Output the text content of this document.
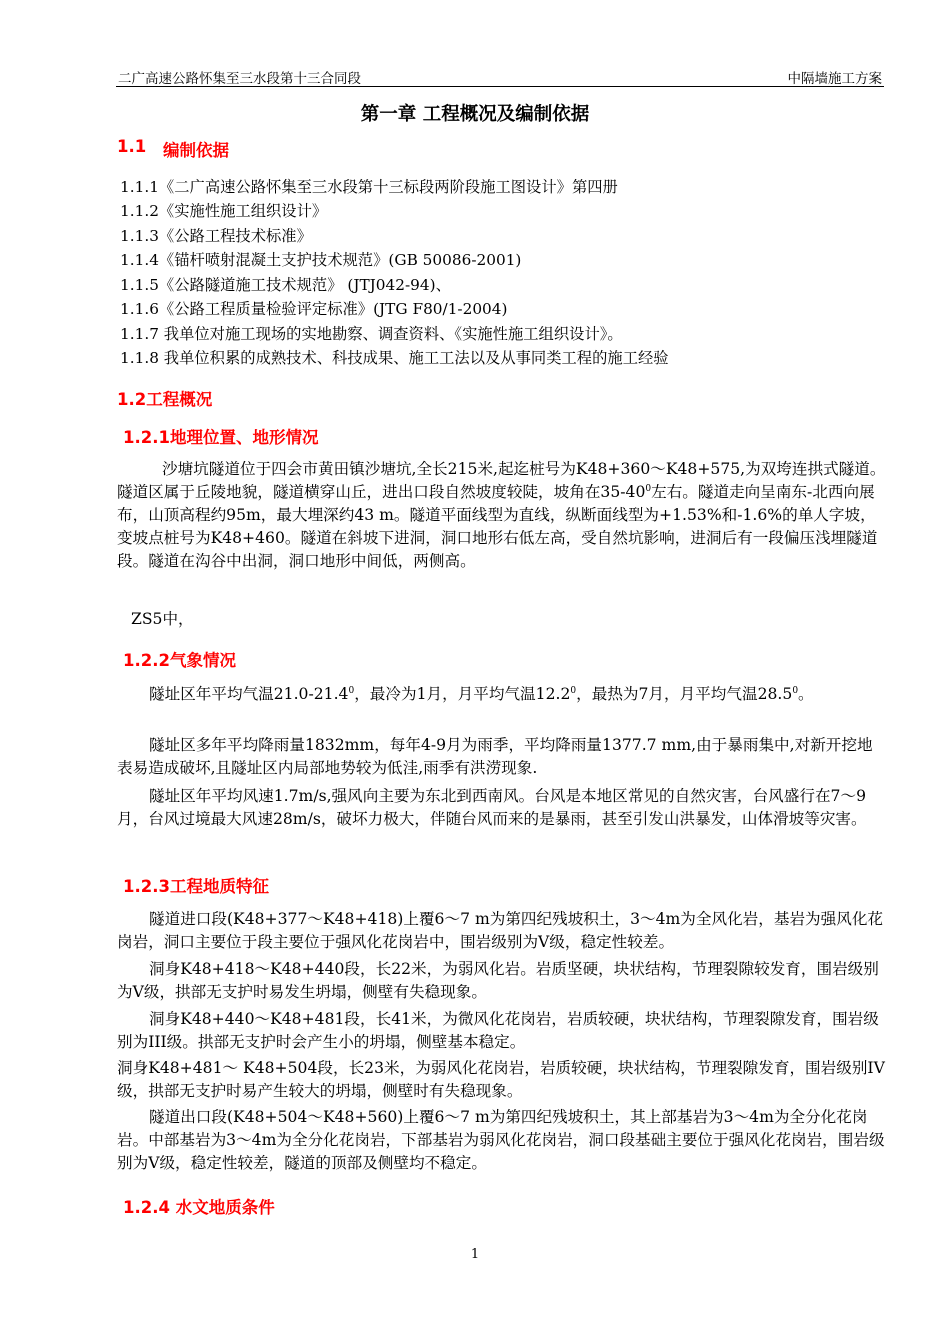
二广高速公路怀集至三水段第十三合同段	中隔墙施工方案
第一章 工程概况及编制依据
1.1 编制依据
1.1.1《二广高速公路怀集至三水段第十三标段两阶段施工图设计》第四册
1.1.2《实施性施工组织设计》
1.1.3《公路工程技术标准》
1.1.4《锚杆喷射混凝土支护技术规范》(GB 50086-2001)
1.1.5《公路隧道施工技术规范》 (JTJ042-94)、
1.1.6《公路工程质量检验评定标准》(JTG F80/1-2004)
1.1.7 我单位对施工现场的实地勘察、调查资料、《实施性施工组织设计》。
1.1.8 我单位积累的成熟技术、科技成果、施工工法以及从事同类工程的施工经验
1.2工程概况
1.2.1地理位置、地形情况
沙塘坑隧道位于四会市黄田镇沙塘坑,全长215米,起迄桩号为K48+360～K48+575,为双垮连拱式隧道。隧道区属于丘陵地貌，隧道横穿山丘，进出口段自然坡度较陡，坡角在$35-40^0$左右。隧道走向呈南东-北西向展布，山顶高程约95m，最大埋深约43 m。隧道平面线型为直线，纵断面线型为+1.53%和-1.6%的单人字坡，变坡点桩号为K48+460。隧道在斜坡下进洞，洞口地形右低左高，受自然坑影响，进洞后有一段偏压浅埋隧道段。隧道在沟谷中出洞，洞口地形中间低，两侧高。
ZS5中，
1.2.2气象情况
隧址区年平均气温21.0-21.4$^0$，最冷为1月，月平均气温12.2$^0$，最热为7月，月平均气温28.5$^0$。
隧址区多年平均降雨量1832mm，每年4-9月为雨季，平均降雨量1377.7 mm,由于暴雨集中,对新开挖地表易造成破坏,且隧址区内局部地势较为低洼,雨季有洪涝现象.
隧址区年平均风速1.7m/s,强风向主要为东北到西南风。台风是本地区常见的自然灾害，台风盛行在7～9月，台风过境最大风速28m/s，破坏力极大，伴随台风而来的是暴雨，甚至引发山洪暴发，山体滑坡等灾害。
1.2.3工程地质特征
隧道进口段(K48+377～K48+418)上覆6～7 m为第四纪残坡积土，3～4m为全风化岩，基岩为强风化花岗岩，洞口主要位于段主要位于强风化花岗岩中，围岩级别为Ⅴ级，稳定性较差。
洞身K48+418～K48+440段，长22米，为弱风化岩。岩质坚硬，块状结构，节理裂隙较发育，围岩级别为Ⅴ级，拱部无支护时易发生坍塌，侧壁有失稳现象。
洞身K48+440～K48+481段，长41米，为微风化花岗岩，岩质较硬，块状结构，节理裂隙发育，围岩级别为III级。拱部无支护时会产生小的坍塌，侧壁基本稳定。
洞身K48+481～ K48+504段，长23米，为弱风化花岗岩，岩质较硬，块状结构，节理裂隙发育，围岩级别IV级，拱部无支护时易产生较大的坍塌，侧壁时有失稳现象。
隧道出口段(K48+504～K48+560)上覆6～7 m为第四纪残坡积土，其上部基岩为3～4m为全分化花岗岩。中部基岩为3～4m为全分化花岗岩，下部基岩为弱风化花岗岩，洞口段基础主要位于强风化花岗岩，围岩级别为Ⅴ级，稳定性较差，隧道的顶部及侧壁均不稳定。
1.2.4 水文地质条件
1
